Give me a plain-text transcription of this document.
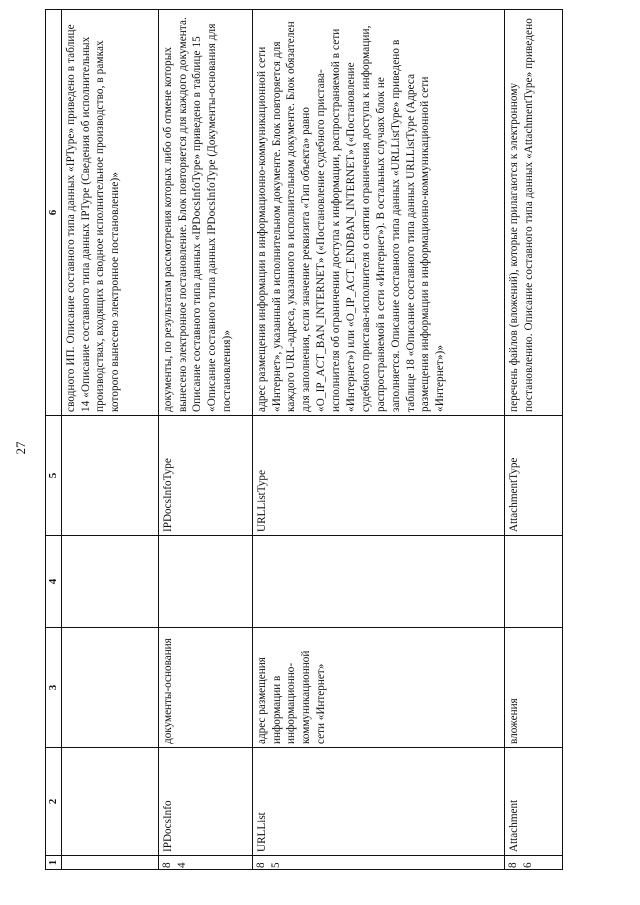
27
1	2	3	4	5	6
					сводного ИП. Описание составного типа данных «IPType» приведено в таблице 14 «Описание составного типа данных IPType (Сведения об исполнительных производствах, входящих в сводное исполнительное производство, в рамках которого вынесено электронное постановление)»
84	IPDocsInfo	документы-основания		IPDocsInfoType	документы, по результатам рассмотрения которых либо об отмене которых вынесено электронное постановление. Блок повторяется для каждого документа. Описание составного типа данных «IPDocsInfoType» приведено в таблице 15 «Описание составного типа данных IPDocsInfoType (Документы-основания для постановления)»
85	URLList	адрес размещения информации в информационно-коммуникационной сети «Интернет»		URLListType	адрес размещения информации в информационно-коммуникационной сети «Интернет», указанный в исполнительном документе. Блок повторяется для каждого URL-адреса, указанного в исполнительном документе. Блок обязателен для заполнения, если значение реквизита «Тип объекта» равно «O_IP_ACT_BAN_INTERNET» («Постановление судебного пристава-исполнителя об ограничении доступа к информации, распространяемой в сети «Интернет») или «O_IP_ACT_ENDBAN_INTERNET» («Постановление судебного пристава-исполнителя о снятии ограничения доступа к информации, распространяемой в сети «Интернет»). В остальных случаях блок не заполняется. Описание составного типа данных «URLListType» приведено в таблице 18 «Описание составного типа данных URLListType (Адреса размещения информации в информационно-коммуникационной сети «Интернет»)»
86	Attachment	вложения		AttachmentType	перечень файлов (вложений), которые прилагаются к электронному постановлению. Описание составного типа данных «AttachmentType» приведено
